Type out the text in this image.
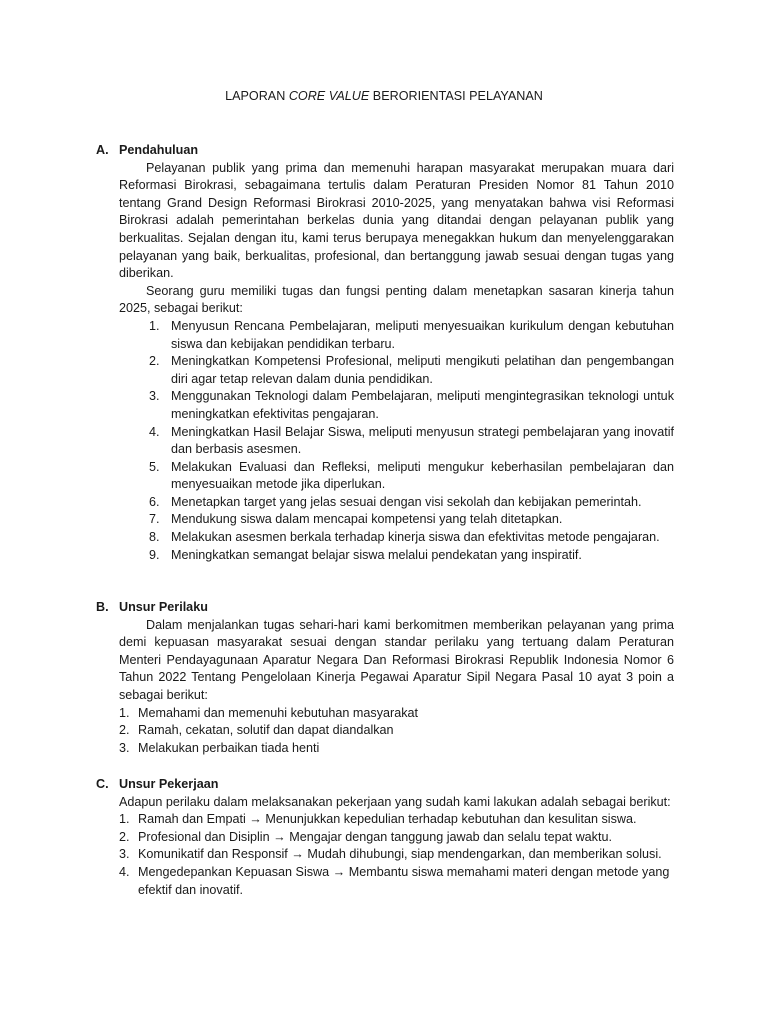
LAPORAN CORE VALUE BERORIENTASI PELAYANAN
A. Pendahuluan

Pelayanan publik yang prima dan memenuhi harapan masyarakat merupakan muara dari Reformasi Birokrasi, sebagaimana tertulis dalam Peraturan Presiden Nomor 81 Tahun 2010 tentang Grand Design Reformasi Birokrasi 2010-2025, yang menyatakan bahwa visi Reformasi Birokrasi adalah pemerintahan berkelas dunia yang ditandai dengan pelayanan publik yang berkualitas. Sejalan dengan itu, kami terus berupaya menegakkan hukum dan menyelenggarakan pelayanan yang baik, berkualitas, profesional, dan bertanggung jawab sesuai dengan tugas yang diberikan.

Seorang guru memiliki tugas dan fungsi penting dalam menetapkan sasaran kinerja tahun 2025, sebagai berikut:

1. Menyusun Rencana Pembelajaran, meliputi menyesuaikan kurikulum dengan kebutuhan siswa dan kebijakan pendidikan terbaru.
2. Meningkatkan Kompetensi Profesional, meliputi mengikuti pelatihan dan pengembangan diri agar tetap relevan dalam dunia pendidikan.
3. Menggunakan Teknologi dalam Pembelajaran, meliputi mengintegrasikan teknologi untuk meningkatkan efektivitas pengajaran.
4. Meningkatkan Hasil Belajar Siswa, meliputi menyusun strategi pembelajaran yang inovatif dan berbasis asesmen.
5. Melakukan Evaluasi dan Refleksi, meliputi mengukur keberhasilan pembelajaran dan menyesuaikan metode jika diperlukan.
6. Menetapkan target yang jelas sesuai dengan visi sekolah dan kebijakan pemerintah.
7. Mendukung siswa dalam mencapai kompetensi yang telah ditetapkan.
8. Melakukan asesmen berkala terhadap kinerja siswa dan efektivitas metode pengajaran.
9. Meningkatkan semangat belajar siswa melalui pendekatan yang inspiratif.
B. Unsur Perilaku

Dalam menjalankan tugas sehari-hari kami berkomitmen memberikan pelayanan yang prima demi kepuasan masyarakat sesuai dengan standar perilaku yang tertuang dalam Peraturan Menteri Pendayagunaan Aparatur Negara Dan Reformasi Birokrasi Republik Indonesia Nomor 6 Tahun 2022 Tentang Pengelolaan Kinerja Pegawai Aparatur Sipil Negara Pasal 10 ayat 3 poin a sebagai berikut:

1. Memahami dan memenuhi kebutuhan masyarakat
2. Ramah, cekatan, solutif dan dapat diandalkan
3. Melakukan perbaikan tiada henti
C. Unsur Pekerjaan

Adapun perilaku dalam melaksanakan pekerjaan yang sudah kami lakukan adalah sebagai berikut:

1. Ramah dan Empati → Menunjukkan kepedulian terhadap kebutuhan dan kesulitan siswa.
2. Profesional dan Disiplin → Mengajar dengan tanggung jawab dan selalu tepat waktu.
3. Komunikatif dan Responsif → Mudah dihubungi, siap mendengarkan, dan memberikan solusi.
4. Mengedepankan Kepuasan Siswa → Membantu siswa memahami materi dengan metode yang efektif dan inovatif.
